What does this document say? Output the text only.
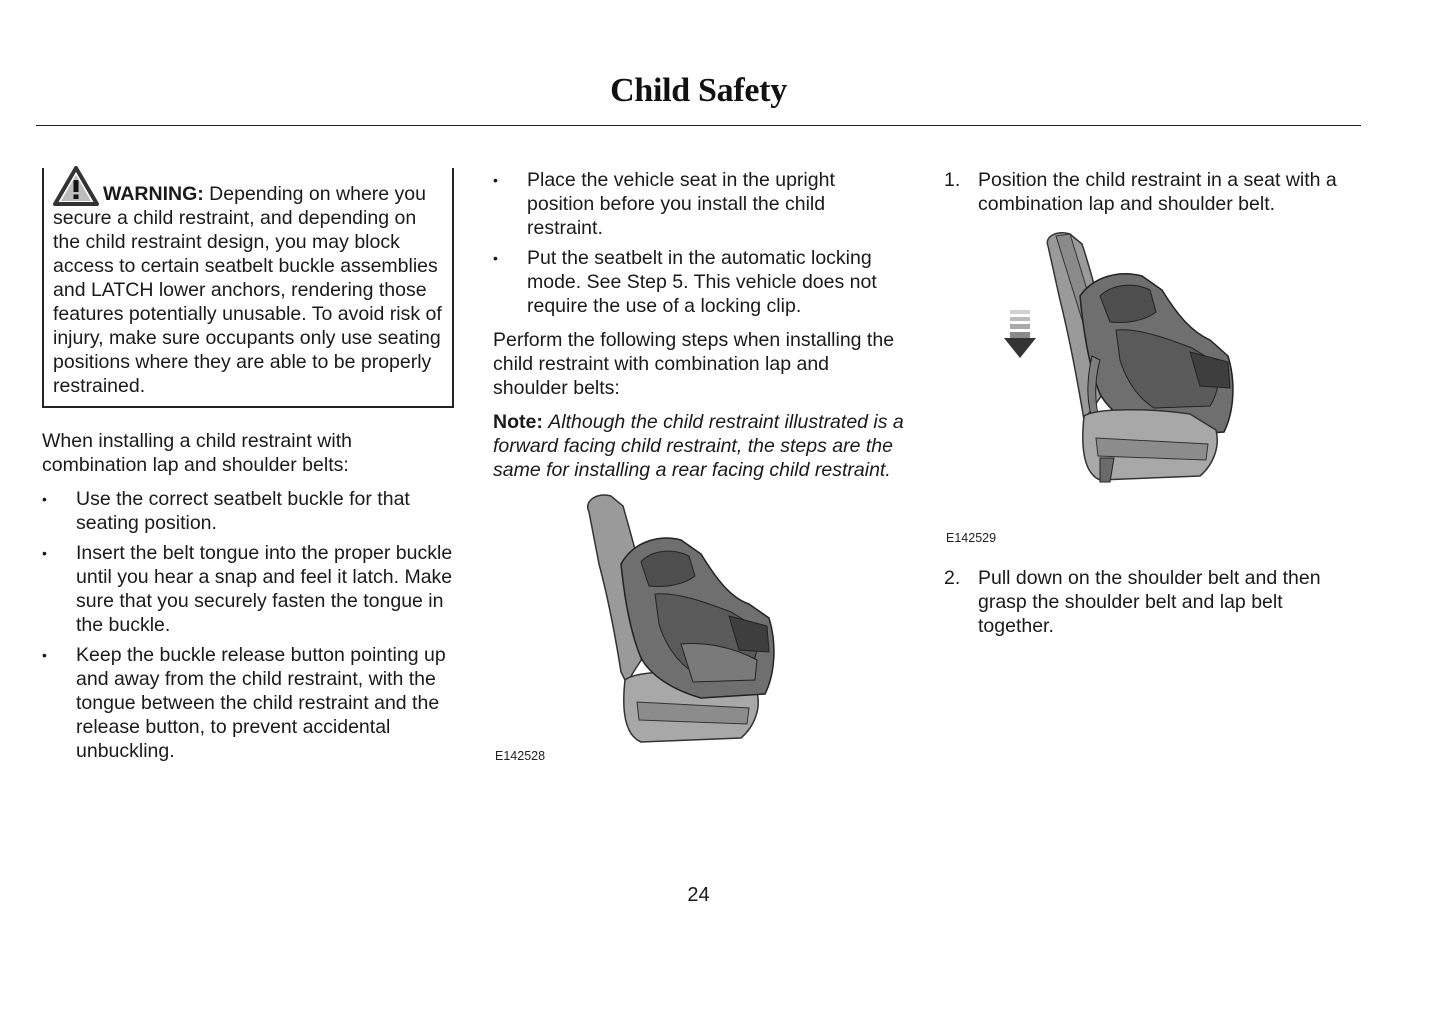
Child Safety
WARNING: Depending on where you secure a child restraint, and depending on the child restraint design, you may block access to certain seatbelt buckle assemblies and LATCH lower anchors, rendering those features potentially unusable. To avoid risk of injury, make sure occupants only use seating positions where they are able to be properly restrained.

When installing a child restraint with combination lap and shoulder belts:

•	Use the correct seatbelt buckle for that seating position.
•	Insert the belt tongue into the proper buckle until you hear a snap and feel it latch. Make sure that you securely fasten the tongue in the buckle.
•	Keep the buckle release button pointing up and away from the child restraint, with the tongue between the child restraint and the release button, to prevent accidental unbuckling.
•	Place the vehicle seat in the upright position before you install the child restraint.
•	Put the seatbelt in the automatic locking mode. See Step 5. This vehicle does not require the use of a locking clip.

Perform the following steps when installing the child restraint with combination lap and shoulder belts:

Note: Although the child restraint illustrated is a forward facing child restraint, the steps are the same for installing a rear facing child restraint.

E142528
1. Position the child restraint in a seat with a combination lap and shoulder belt.
E142529
2. Pull down on the shoulder belt and then grasp the shoulder belt and lap belt together.
24
